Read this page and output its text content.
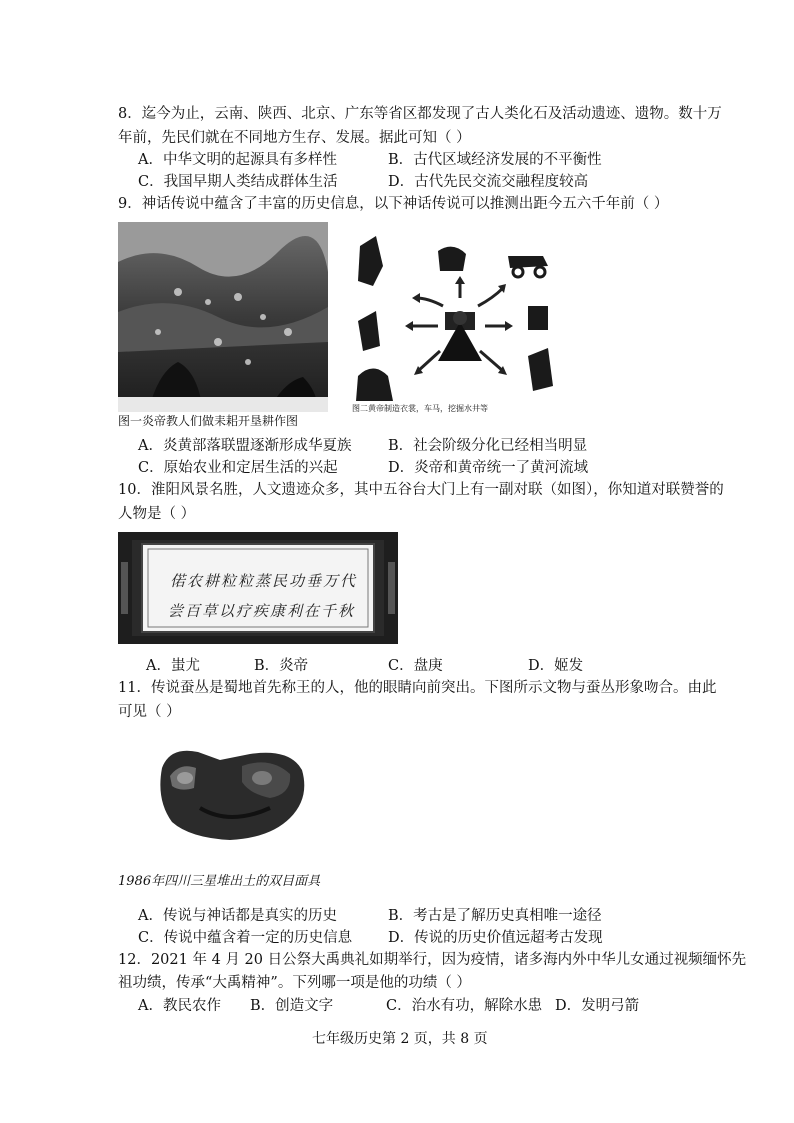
8．迄今为止，云南、陕西、北京、广东等省区都发现了古人类化石及活动遗迹、遗物。数十万
年前，先民们就在不同地方生存、发展。据此可知（ ）
A．中华文明的起源具有多样性	B．古代区域经济发展的不平衡性
C．我国早期人类结成群体生活	D．古代先民交流交融程度较高
9．神话传说中蕴含了丰富的历史信息，以下神话传说可以推测出距今五六千年前（ ）
图一炎帝教人们做耒耜开垦耕作图
图二黄帝制造衣裳，车马，挖掘水井等
A．炎黄部落联盟逐渐形成华夏族	B．社会阶级分化已经相当明显
C．原始农业和定居生活的兴起	D．炎帝和黄帝统一了黄河流域
10．淮阳风景名胜，人文遗迹众多，其中五谷台大门上有一副对联（如图），你知道对联赞誉的
人物是（ ）
偌农耕粒粒蒸民功垂万代
尝百草以疗疾康利在千秋
A．蚩尤	B．炎帝	C．盘庚	D．姬发
11．传说蚕丛是蜀地首先称王的人，他的眼睛向前突出。下图所示文物与蚕丛形象吻合。由此
可见（ ）
1986年四川三星堆出土的双目面具
A．传说与神话都是真实的历史	B．考古是了解历史真相唯一途径
C．传说中蕴含着一定的历史信息 D．传说的历史价值远超考古发现
12．2021 年 4 月 20 日公祭大禹典礼如期举行，因为疫情，诸多海内外中华儿女通过视频缅怀先
祖功绩，传承“大禹精神”。下列哪一项是他的功绩（ ）
A．教民农作 B．创造文字	C．治水有功，解除水患 D．发明弓箭
七年级历史第 2 页，共 8 页
